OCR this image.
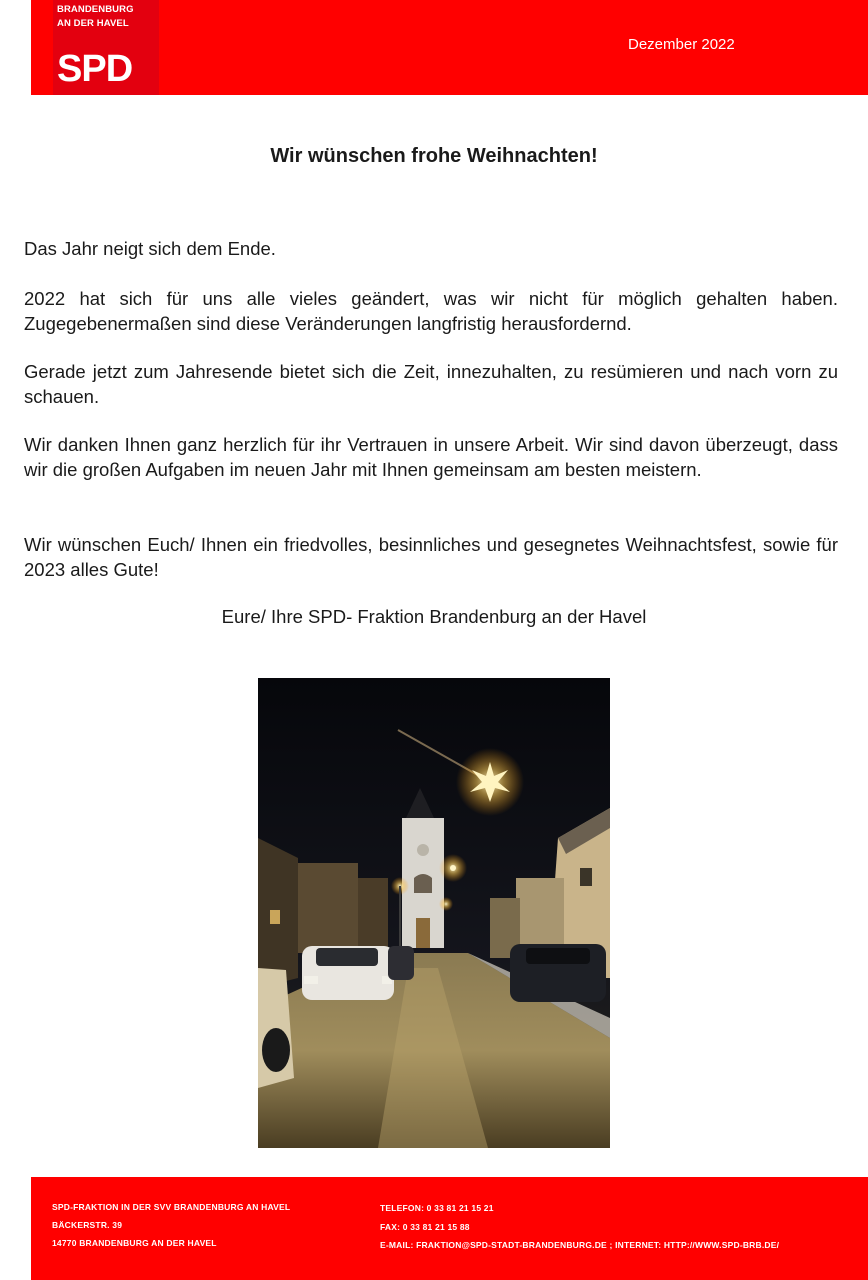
BRANDENBURG
AN DER HAVEL
SPD
Dezember 2022
Wir wünschen frohe Weihnachten!

Das Jahr neigt sich dem Ende.

2022 hat sich für uns alle vieles geändert, was wir nicht für möglich gehalten haben. Zugegebenermaßen sind diese Veränderungen langfristig herausfordernd.

Gerade jetzt zum Jahresende bietet sich die Zeit, innezuhalten, zu resümieren und nach vorn zu schauen.

Wir danken Ihnen ganz herzlich für ihr Vertrauen in unsere Arbeit. Wir sind davon überzeugt, dass wir die großen Aufgaben im neuen Jahr mit Ihnen gemeinsam am besten meistern.

Wir wünschen Euch/ Ihnen ein friedvolles, besinnliches und gesegnetes Weihnachtsfest, sowie für 2023 alles Gute!

Eure/ Ihre SPD- Fraktion Brandenburg an der Havel
SPD-FRAKTION IN DER SVV BRANDENBURG AN HAVEL
BÄCKERSTR. 39
14770 BRANDENBURG AN DER HAVEL
TELEFON: 0 33 81 21 15 21
FAX: 0 33 81 21 15 88
E-MAIL: FRAKTION@SPD-STADT-BRANDENBURG.DE ; INTERNET: HTTP://WWW.SPD-BRB.DE/
